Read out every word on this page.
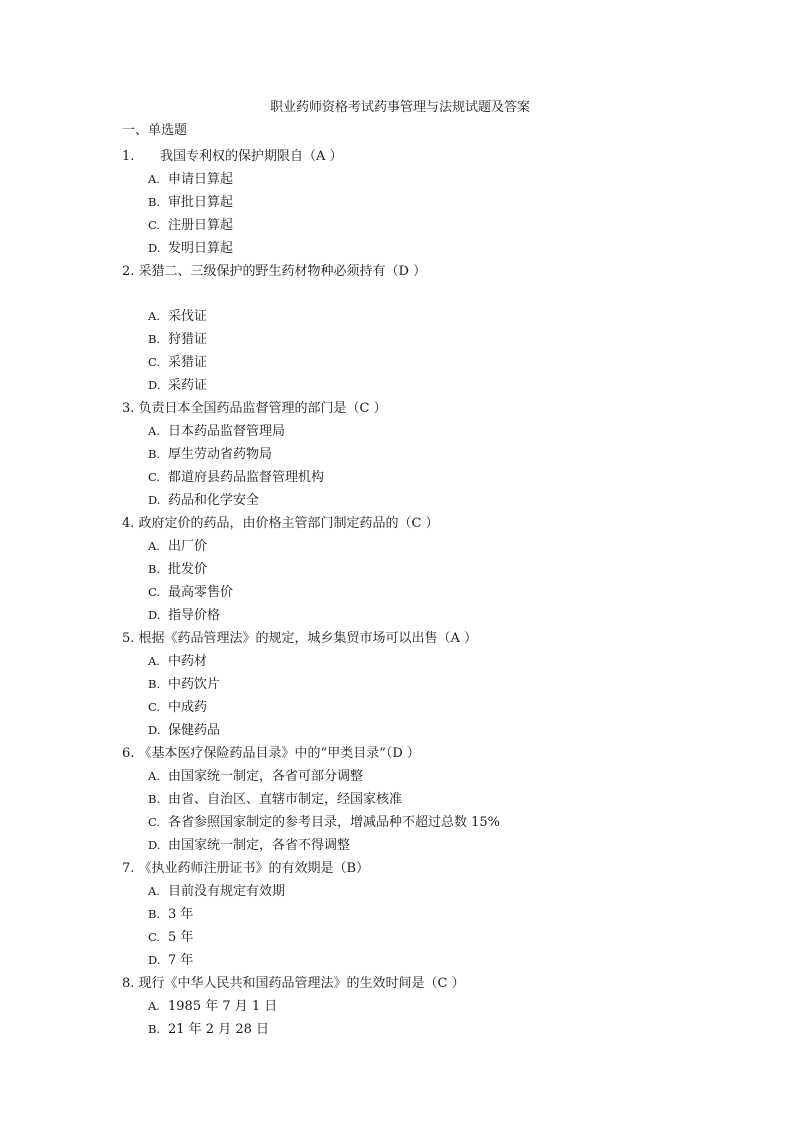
职业药师资格考试药事管理与法规试题及答案
一、单选题
1. 我国专利权的保护期限自（A ）
A. 申请日算起
B. 审批日算起
C. 注册日算起
D. 发明日算起
2. 采猎二、三级保护的野生药材物种必须持有（D ）
A. 采伐证
B. 狩猎证
C. 采猎证
D. 采药证
3. 负责日本全国药品监督管理的部门是（C ）
A. 日本药品监督管理局
B. 厚生劳动省药物局
C. 都道府县药品监督管理机构
D. 药品和化学安全
4. 政府定价的药品，由价格主管部门制定药品的（C ）
A. 出厂价
B. 批发价
C. 最高零售价
D. 指导价格
5. 根据《药品管理法》的规定，城乡集贸市场可以出售（A ）
A. 中药材
B. 中药饮片
C. 中成药
D. 保健药品
6. 《基本医疗保险药品目录》中的“甲类目录”（D ）
A. 由国家统一制定，各省可部分调整
B. 由省、自治区、直辖市制定，经国家核准
C. 各省参照国家制定的参考目录，增减品种不超过总数 15%
D. 由国家统一制定，各省不得调整
7. 《执业药师注册证书》的有效期是（B）
A. 目前没有规定有效期
B. 3 年
C. 5 年
D. 7 年
8. 现行《中华人民共和国药品管理法》的生效时间是（C ）
A. 1985 年 7 月 1 日
B. 21 年 2 月 28 日
